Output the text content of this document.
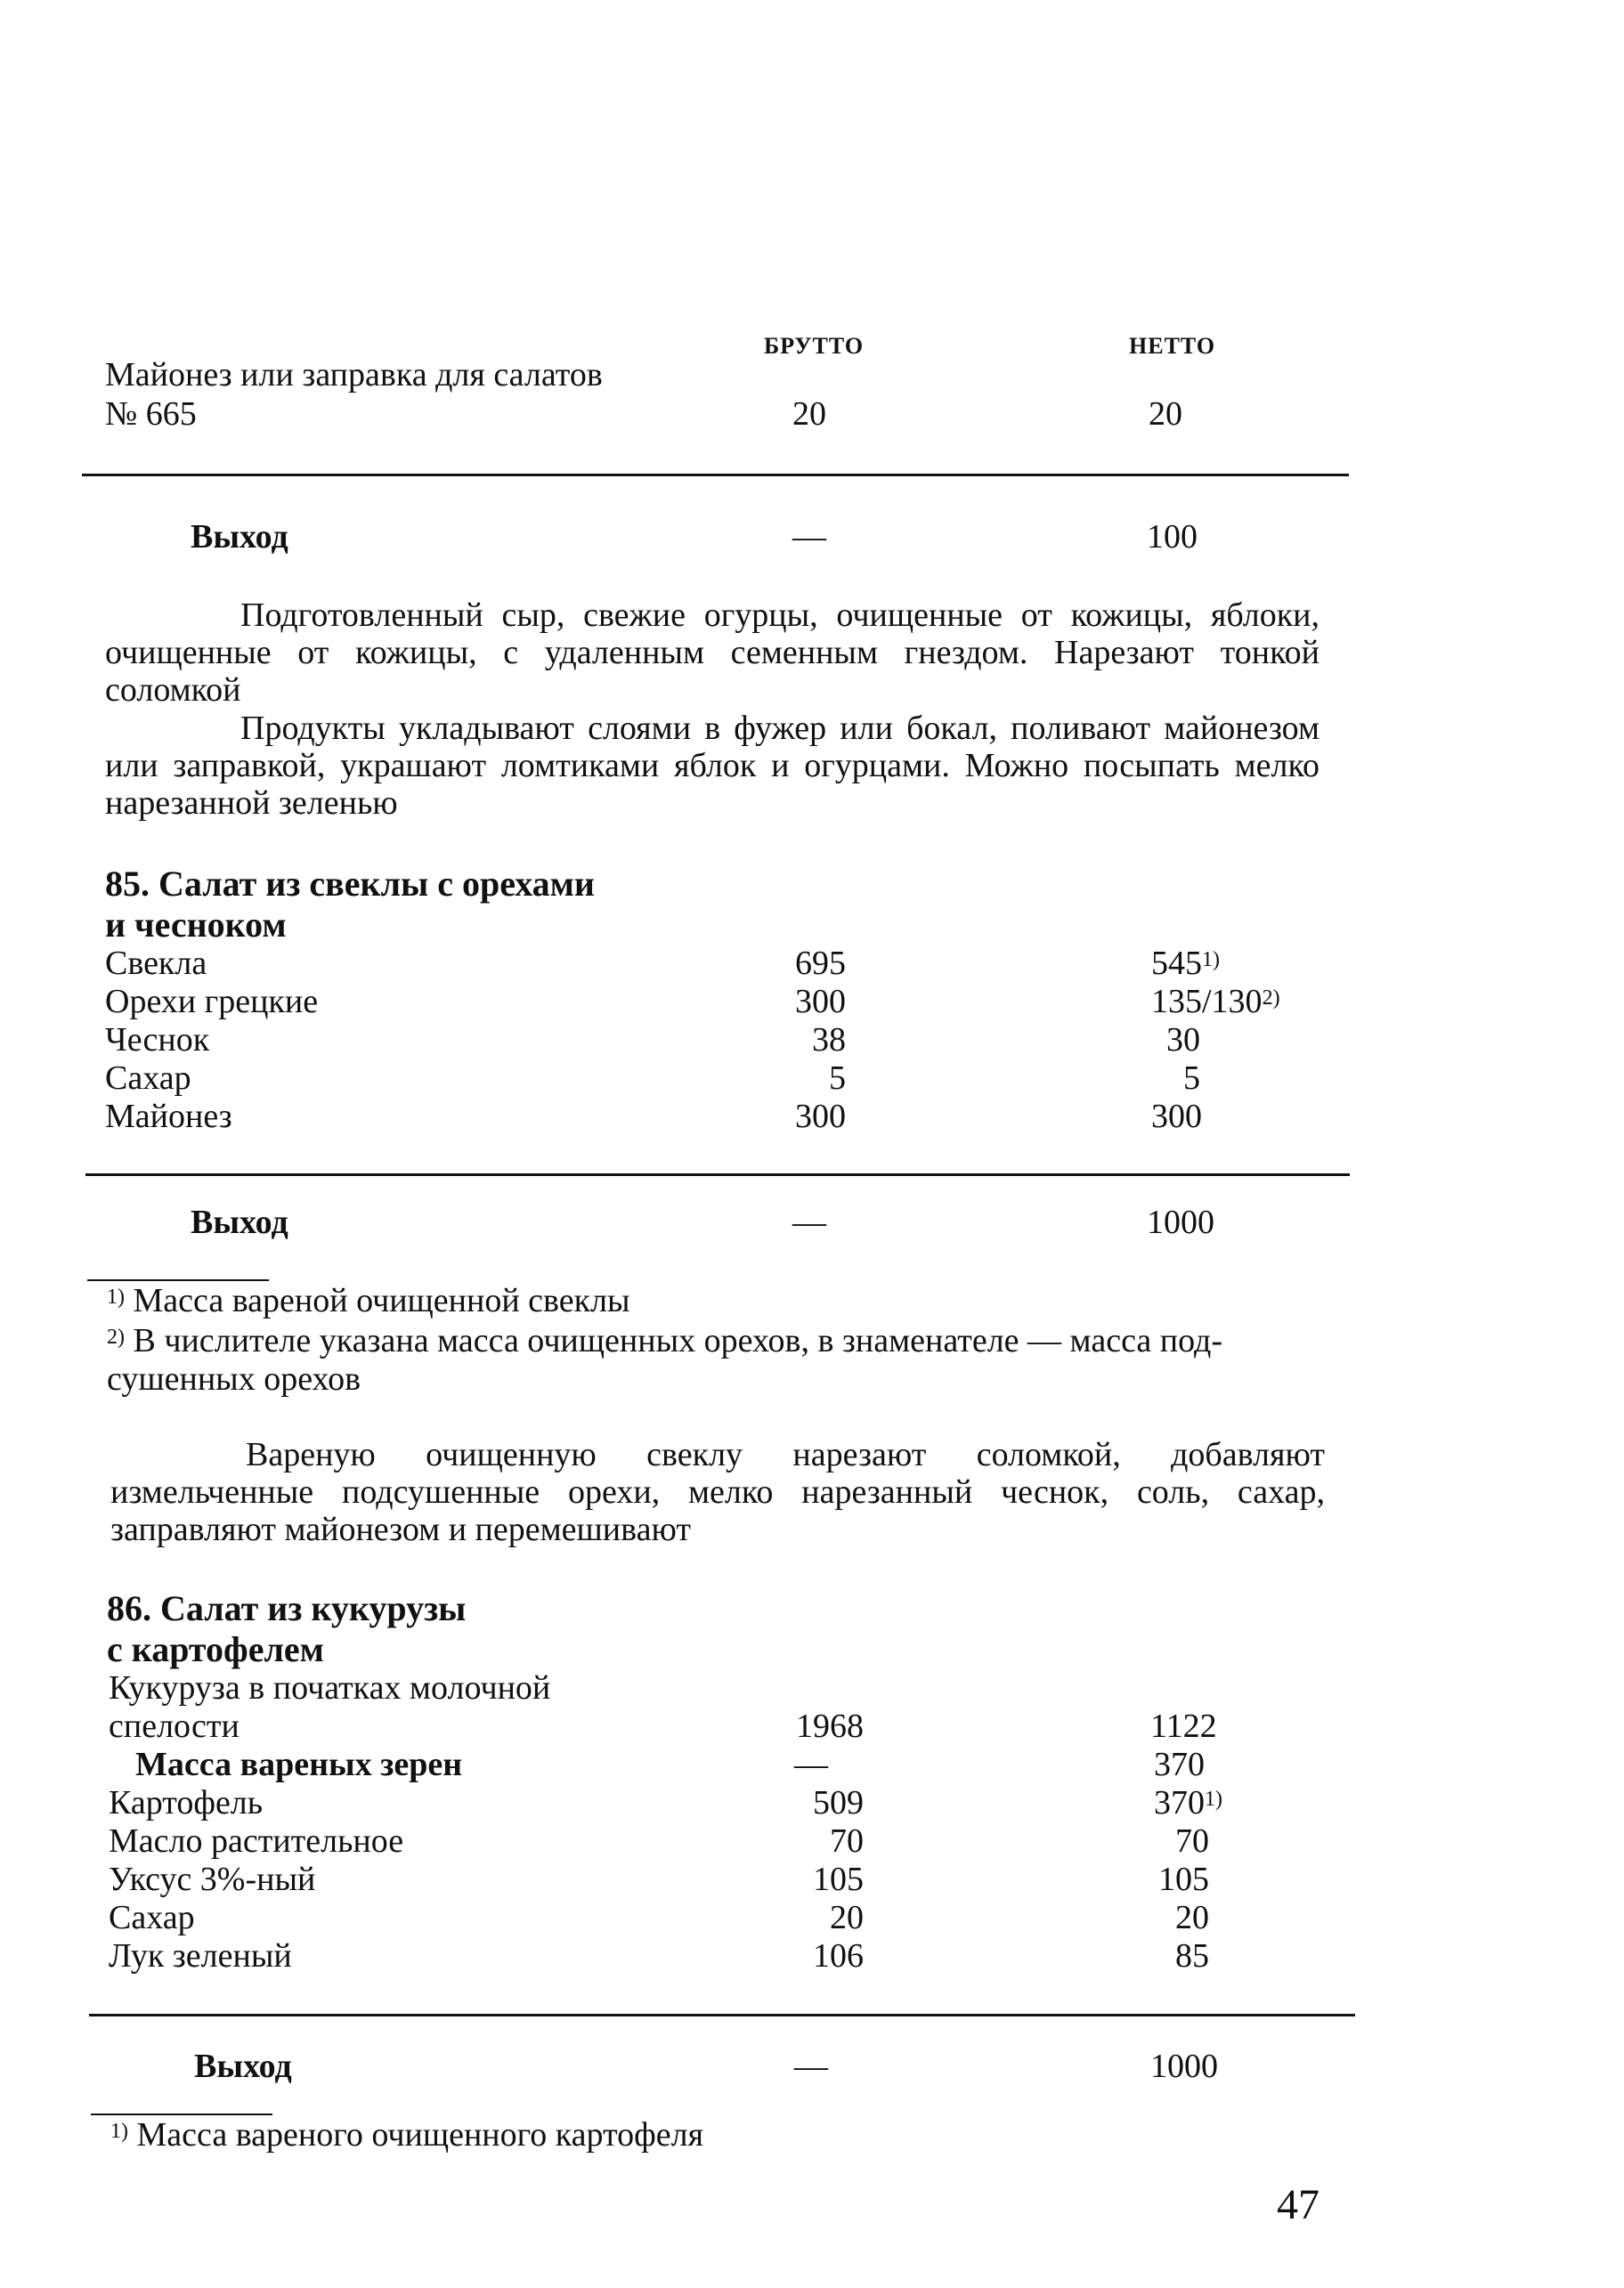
БРУТТО	НЕТТО
Майонез или заправка для салатов
№ 665	20	20
Выход	—	100
Подготовленный сыр, свежие огурцы, очищенные от кожицы, яблоки, очищенные от кожицы, с удаленным семенным гнездом. Нарезают тонкой соломкой
Продукты укладывают слоями в фужер или бокал, поливают майонезом или заправкой, украшают ломтиками яблок и огурцами. Можно посыпать мелко нарезанной зеленью
85. Салат из свеклы с орехами
и чесноком
Свекла	695	545$^{1)}$
Орехи грецкие	300	135/130$^{2)}$
Чеснок	38	30
Сахар	5	5
Майонез	300	300
Выход	—	1000
$^{1)}$ Масса вареной очищенной свеклы
$^{2)}$ В числителе указана масса очищенных орехов, в знаменателе — масса под-
сушенных орехов
Вареную очищенную свеклу нарезают соломкой, добавляют измельченные подсушенные орехи, мелко нарезанный чеснок, соль, сахар, заправляют майонезом и перемешивают
86. Салат из кукурузы
с картофелем
Кукуруза в початках молочной
спелости	1968	1122
Масса вареных зерен	—	370
Картофель	509	370$^{1)}$
Масло растительное	70	70
Уксус 3%-ный	105	105
Сахар	20	20
Лук зеленый	106	85
Выход	—	1000
$^{1)}$ Масса вареного очищенного картофеля
47
